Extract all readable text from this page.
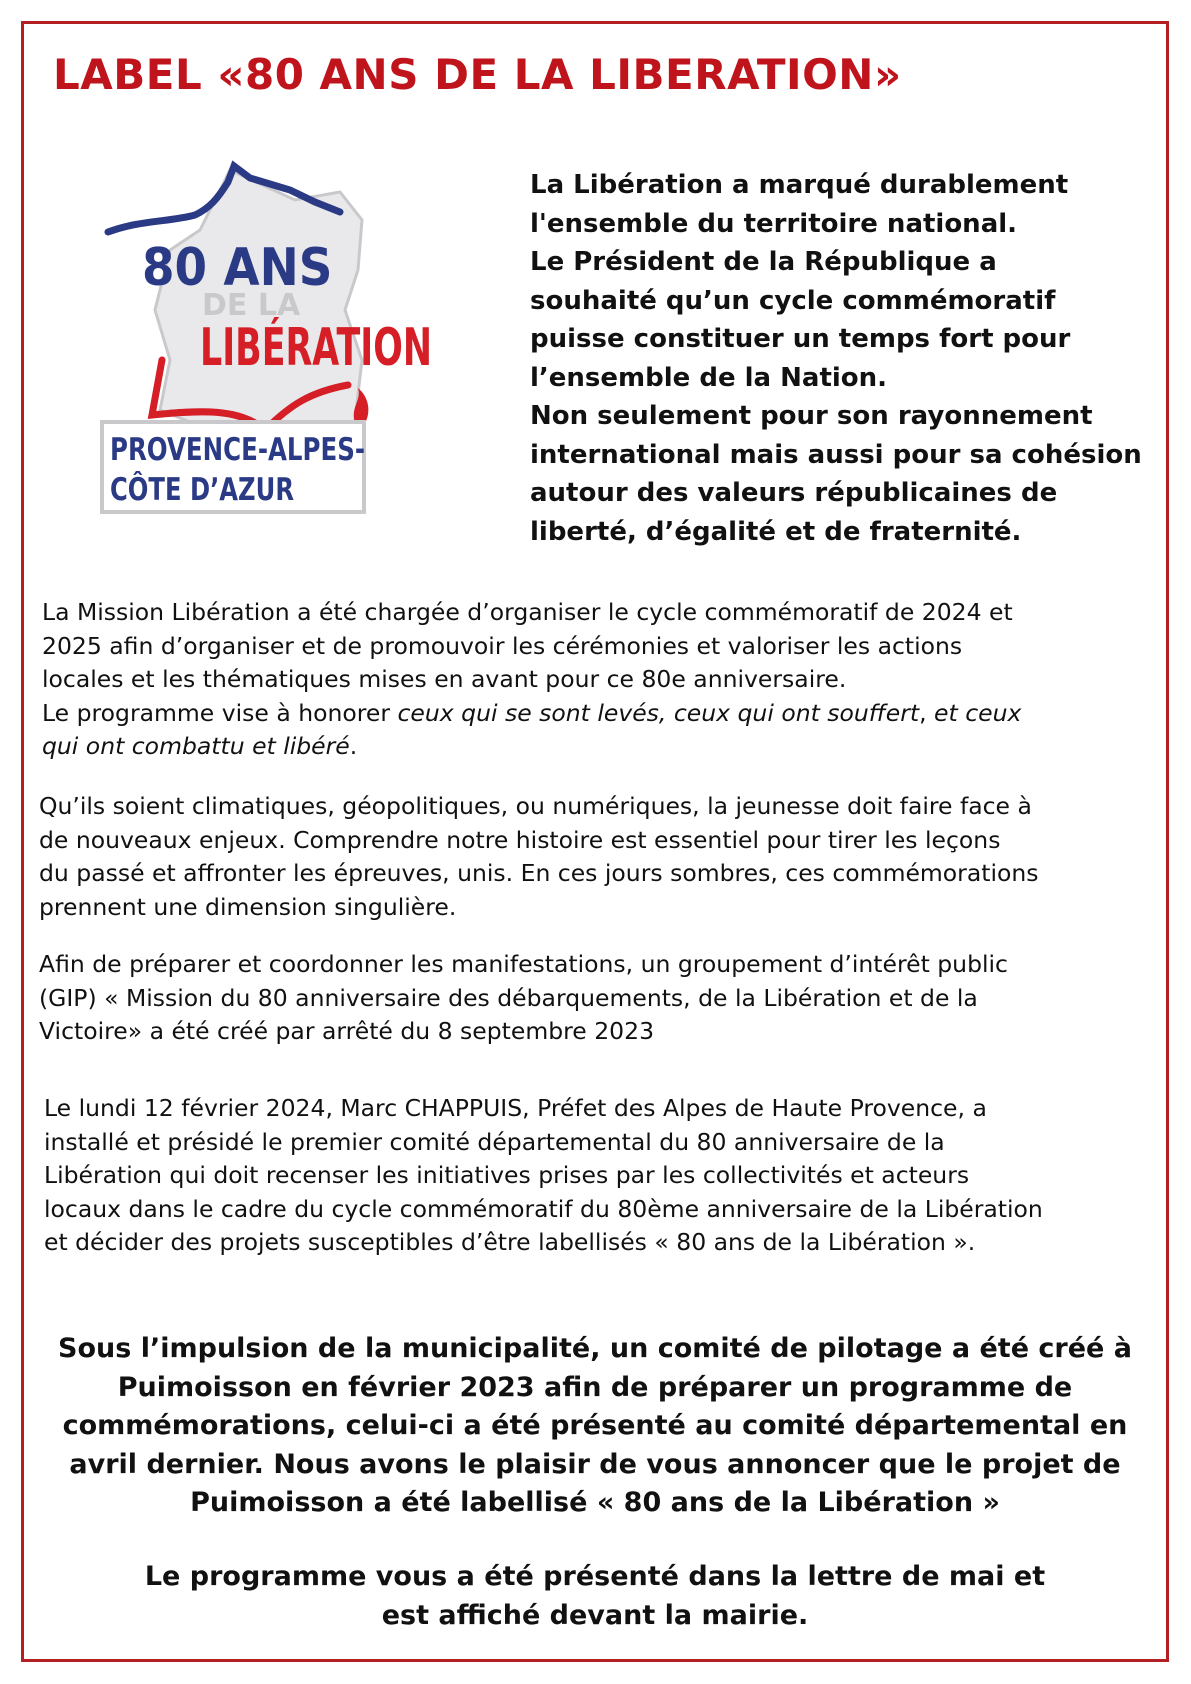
LABEL «80 ANS DE LA LIBERATION»
80 ANS
DE LA
LIBÉRATION
PROVENCE-ALPES-
CÔTE D’AZUR
La Libération a marqué durablement
l'ensemble du territoire national.
Le Président de la République a
souhaité qu’un cycle commémoratif
puisse constituer un temps fort pour
l’ensemble de la Nation.
Non seulement pour son rayonnement
international mais aussi pour sa cohésion
autour des valeurs républicaines de
liberté, d’égalité et de fraternité.
La Mission Libération a été chargée d’organiser le cycle commémoratif de 2024 et
2025 afin d’organiser et de promouvoir les cérémonies et valoriser les actions
locales et les thématiques mises en avant pour ce 80e anniversaire.
Le programme vise à honorer ceux qui se sont levés, ceux qui ont souffert, et ceux
qui ont combattu et libéré.
Qu’ils soient climatiques, géopolitiques, ou numériques, la jeunesse doit faire face à
de nouveaux enjeux. Comprendre notre histoire est essentiel pour tirer les leçons
du passé et affronter les épreuves, unis. En ces jours sombres, ces commémorations
prennent une dimension singulière.
Afin de préparer et coordonner les manifestations, un groupement d’intérêt public
(GIP) « Mission du 80 anniversaire des débarquements, de la Libération et de la
Victoire» a été créé par arrêté du 8 septembre 2023
Le lundi 12 février 2024, Marc CHAPPUIS, Préfet des Alpes de Haute Provence, a
installé et présidé le premier comité départemental du 80 anniversaire de la
Libération qui doit recenser les initiatives prises par les collectivités et acteurs
locaux dans le cadre du cycle commémoratif du 80ème anniversaire de la Libération
et décider des projets susceptibles d’être labellisés « 80 ans de la Libération ».
Sous l’impulsion de la municipalité, un comité de pilotage a été créé à
Puimoisson en février 2023 afin de préparer un programme de
commémorations, celui-ci a été présenté au comité départemental en
avril dernier. Nous avons le plaisir de vous annoncer que le projet de
Puimoisson a été labellisé « 80 ans de la Libération »
Le programme vous a été présenté dans la lettre de mai et
est affiché devant la mairie.
